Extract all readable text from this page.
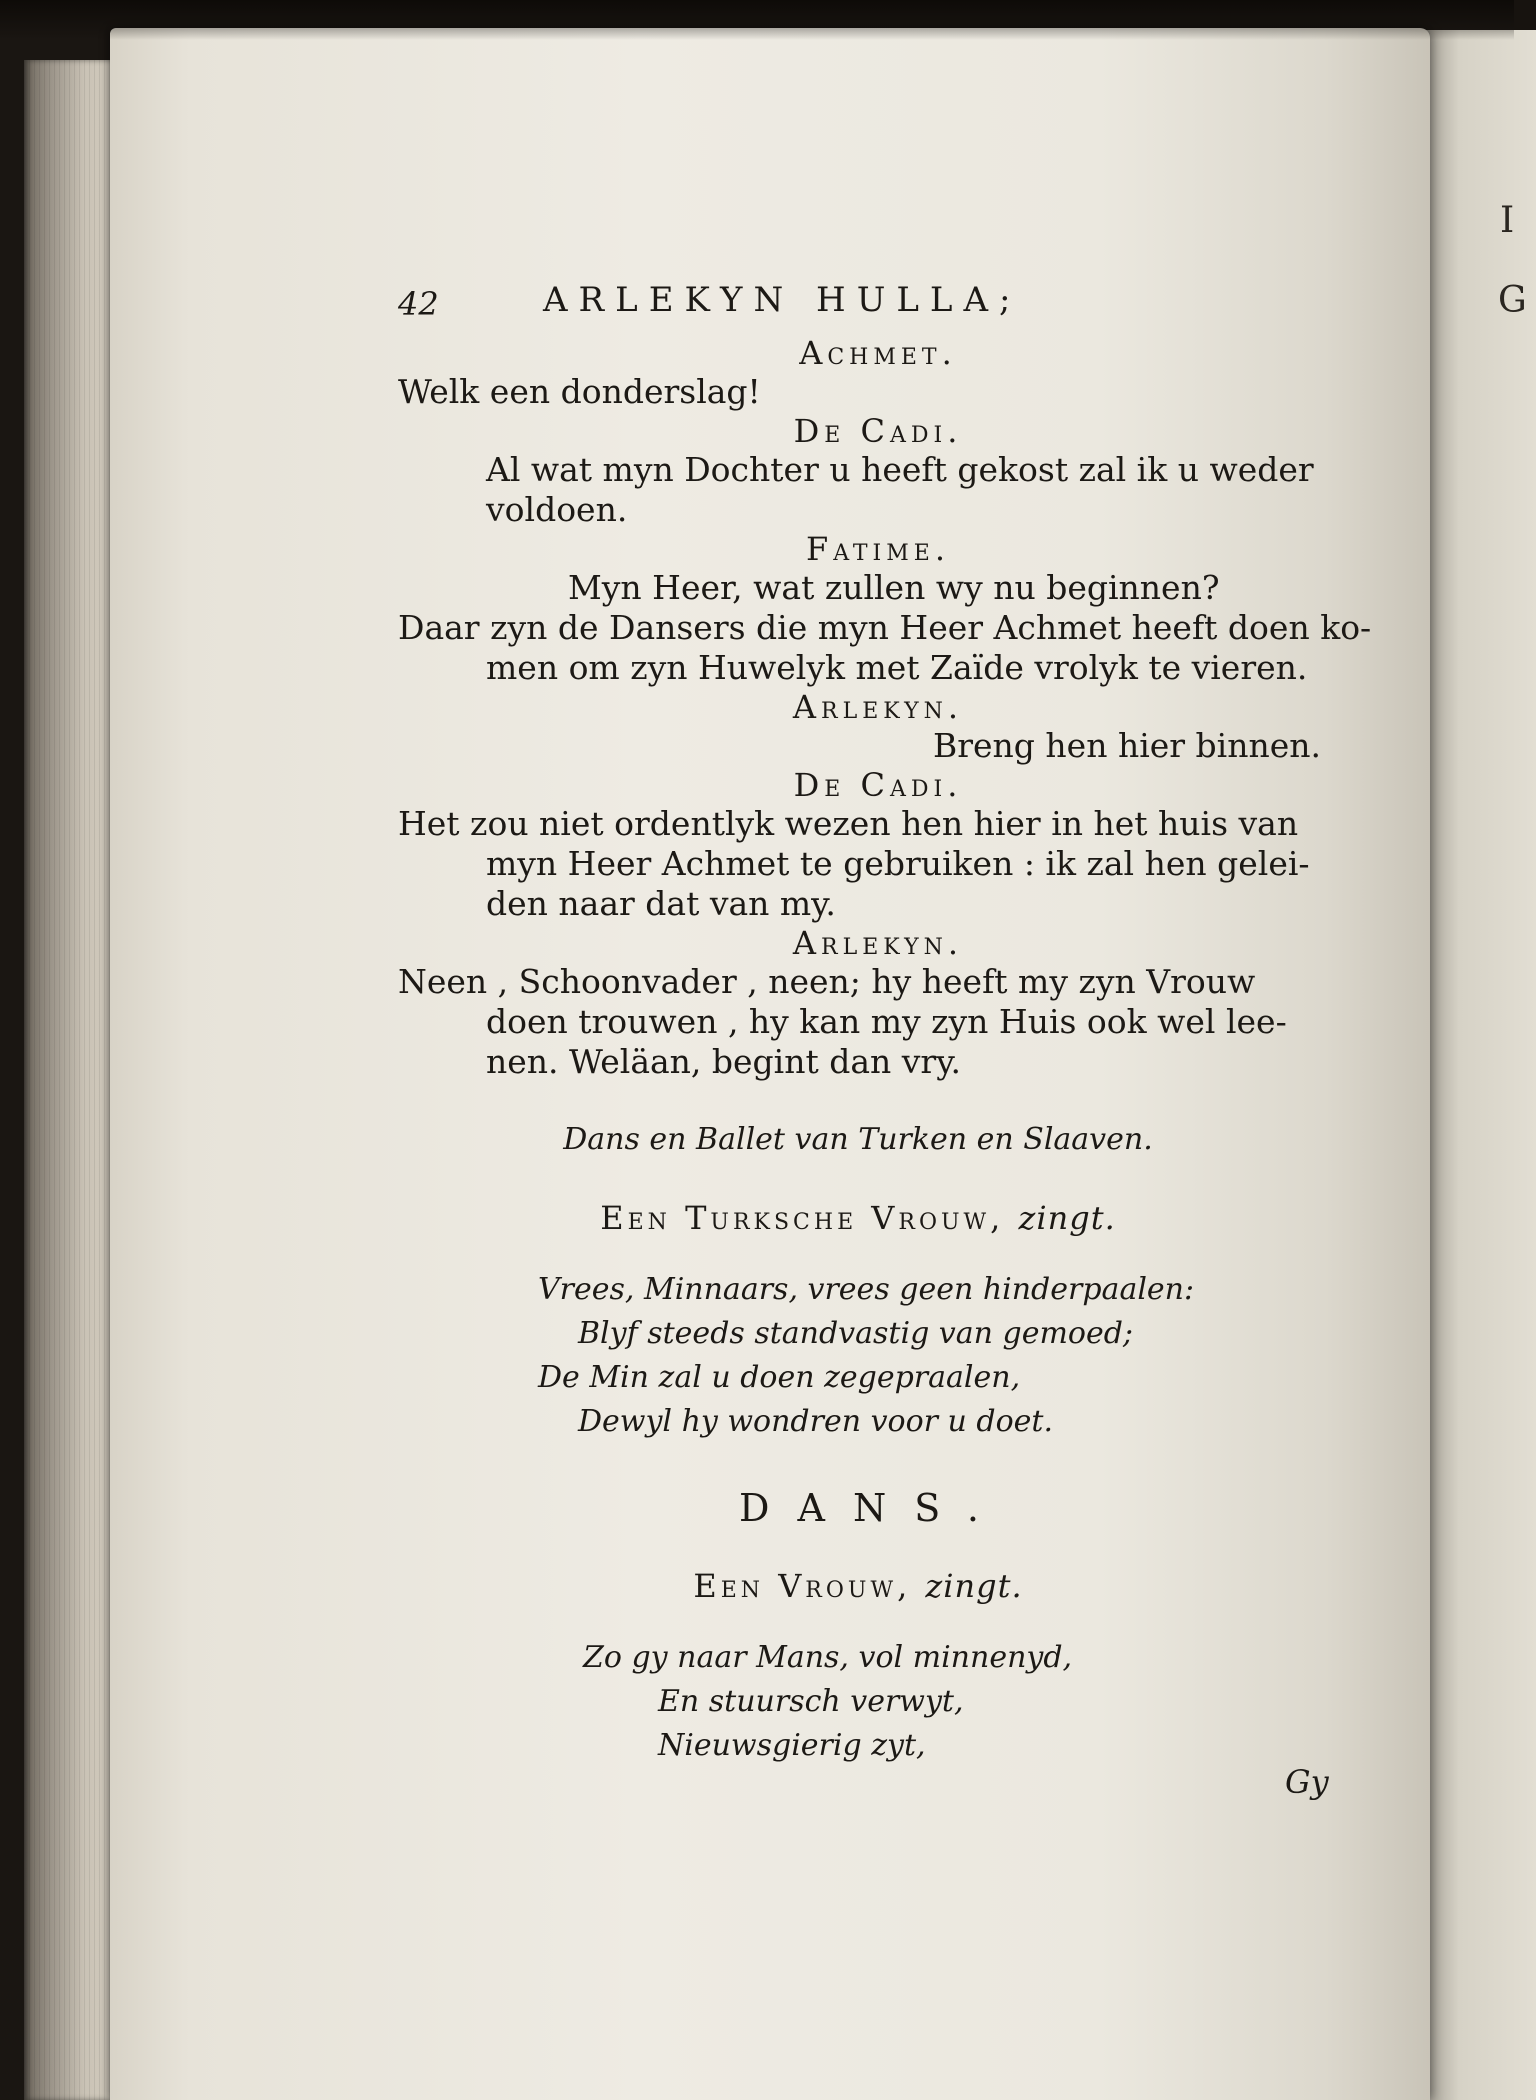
I
G
42	ARLEKYN HULLA;
Achmet.
Welk een donderslag!
De Cadi.
Al wat myn Dochter u heeft gekost zal ik u weder
voldoen.
Fatime.
Myn Heer, wat zullen wy nu beginnen?
Daar zyn de Dansers die myn Heer Achmet heeft doen ko-
men om zyn Huwelyk met Zaïde vrolyk te vieren.
Arlekyn.
Breng hen hier binnen.
De Cadi.
Het zou niet ordentlyk wezen hen hier in het huis van
myn Heer Achmet te gebruiken : ik zal hen gelei-
den naar dat van my.
Arlekyn.
Neen , Schoonvader , neen; hy heeft my zyn Vrouw
doen trouwen , hy kan my zyn Huis ook wel lee-
nen. Weläan, begint dan vry.
Dans en Ballet van Turken en Slaaven.
Een Turksche Vrouw, zingt.
Vrees, Minnaars, vrees geen hinderpaalen:
Blyf steeds standvastig van gemoed;
De Min zal u doen zegepraalen,
Dewyl hy wondren voor u doet.
DANS.
Een Vrouw, zingt.
Zo gy naar Mans, vol minnenyd,
En stuursch verwyt,
Nieuwsgierig zyt,
Gy
